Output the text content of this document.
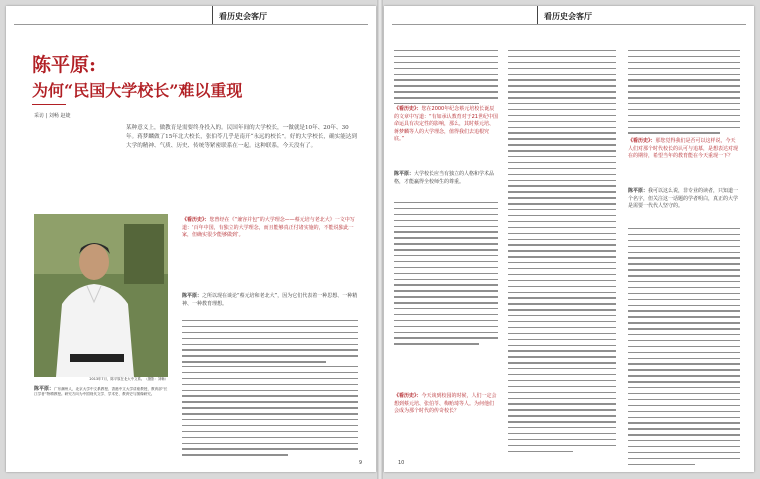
看历史会客厅
陈平原:
为何“民国大学校长”难以重现
采访 | 刘畅 赵婕
某种意义上，做教育是需要终身投入的。民国年间的大学校长，一做就是10年、20年、30年。蒋梦麟做了15年北大校长，张伯苓几乎是南开“永远的校长”。好的大学校长，确实能达到大学的精神、气质、历史、传统等紧密联系在一起。这种联系，今天没有了。
《看历史》：您曾经在《“兼容并包”的大学理念——蔡元培与老北大》一文中写道：‘百年中国，有独立的大学理念，而且能够真正付诸实施的，不能说独此一家，但确实很少能够做到’。
陈平原：之所以现在谈论“蔡元培和老北大”，因为它们代表着一种思想、一种精神、一种教育理想。
2013年7月，陈平原在北大中文系。（摄影：刘畅）
陈平原：广东潮州人，北京大学中文系教授、香港中文大学讲座教授，教育部“长江学者”特聘教授。研究方向为中国现代文学、学术史、教育史与图像研究。
9
看历史会客厅
《看历史》：您在2000年纪念蔡元培校长诞辰的文章中写道：“有如承认教育对于21世纪中国命运具有决定性的影响，那么，其时蔡元培、蒋梦麟等人的大学理念，值得我们去追根究底。”
陈平原：大学校长应当有独立的人格和学术品格，才能赢得全校师生的尊重。
《看历史》：今天谈到校园的时候，人们一定会想到蔡元培、张伯苓、梅贻琦等人。为何他们会成为那个时代的传奇校长？
《看历史》：那您觉得我们是否可以这样说，今天人们对那个时代校长的认可与追慕，是想表达对现在的期待，希望当年的教育能在今天重现一下？
陈平原：我可以这么说，非专业的读者，只知道一个名字，但关注这一话题的学者明白，真正的大学是需要一代代人坚守的。
10
